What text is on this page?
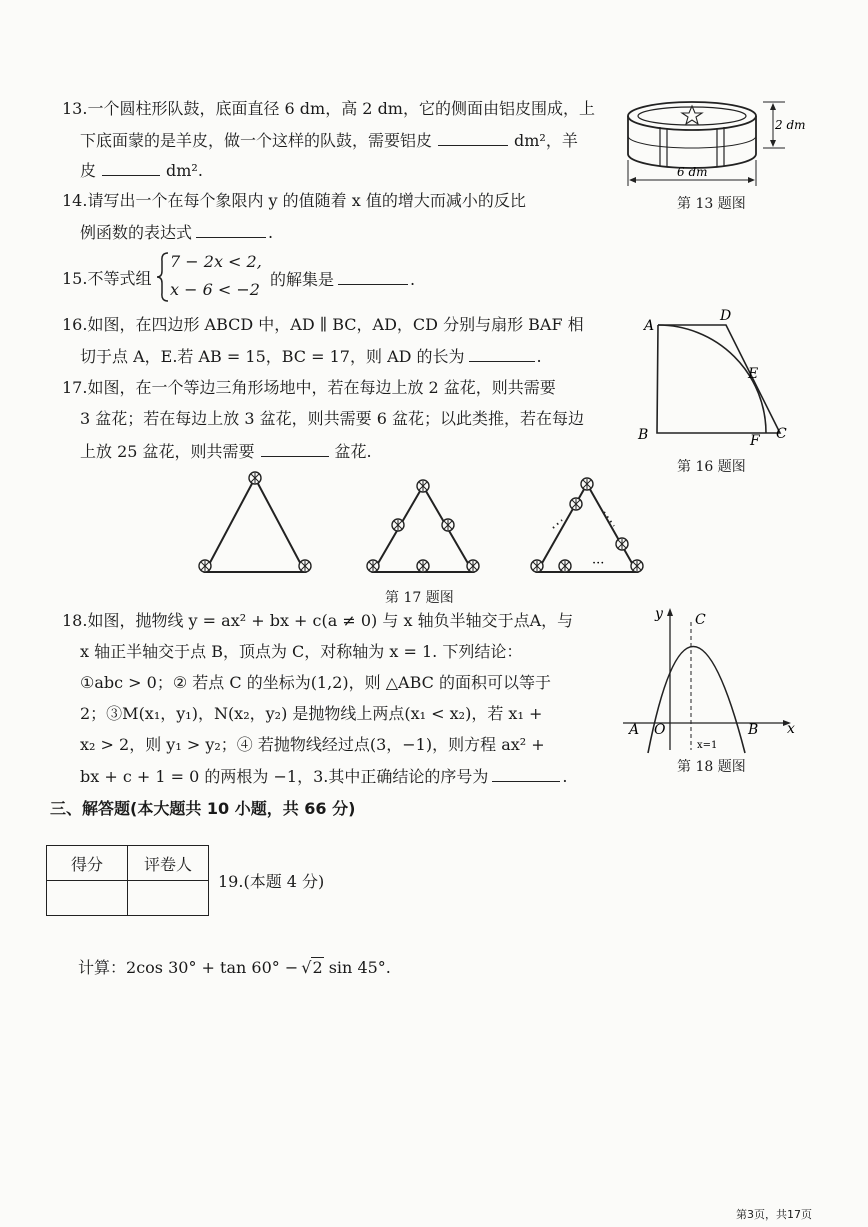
13.一个圆柱形队鼓，底面直径 6 dm，高 2 dm，它的侧面由铝皮围成，上
下底面蒙的是羊皮，做一个这样的队鼓，需要铝皮	dm²，羊
皮	dm².
2 dm
6 dm
第 13 题图
14.请写出一个在每个象限内 y 的值随着 x 值的增大而减小的反比
例函数的表达式	.
15.不等式组
7 − 2x < 2,
x − 6 < −2
的解集是	.
16.如图，在四边形 ABCD 中，AD ∥ BC，AD，CD 分别与扇形 BAF 相
切于点 A，E.若 AB = 15，BC = 17，则 AD 的长为	.
A
D
E
B	F C
第 16 题图
17.如图，在一个等边三角形场地中，若在每边上放 2 盆花，则共需要
3 盆花；若在每边上放 3 盆花，则共需要 6 盆花；以此类推，若在每边
上放 25 盆花，则共需要	盆花.
···
第 17 题图
18.如图，抛物线 y = ax² + bx + c(a ≠ 0) 与 x 轴负半轴交于点A，与
x 轴正半轴交于点 B，顶点为 C，对称轴为 x = 1. 下列结论：
①abc > 0；② 若点 C 的坐标为(1,2)，则 △ABC 的面积可以等于
2；③M(x₁，y₁)，N(x₂，y₂) 是抛物线上两点(x₁ < x₂)，若 x₁ +
x₂ > 2，则 y₁ > y₂；④ 若抛物线经过点(3，−1)，则方程 ax² +
bx + c + 1 = 0 的两根为 −1，3.其中正确结论的序号为	.
y
x
C
A O	B
x=1
第 18 题图
三、解答题(本大题共 10 小题，共 66 分)
得分	评卷人

19.(本题 4 分)
计算：2cos 30° + tan 60° − √2 sin 45°.
第3页，共17页
